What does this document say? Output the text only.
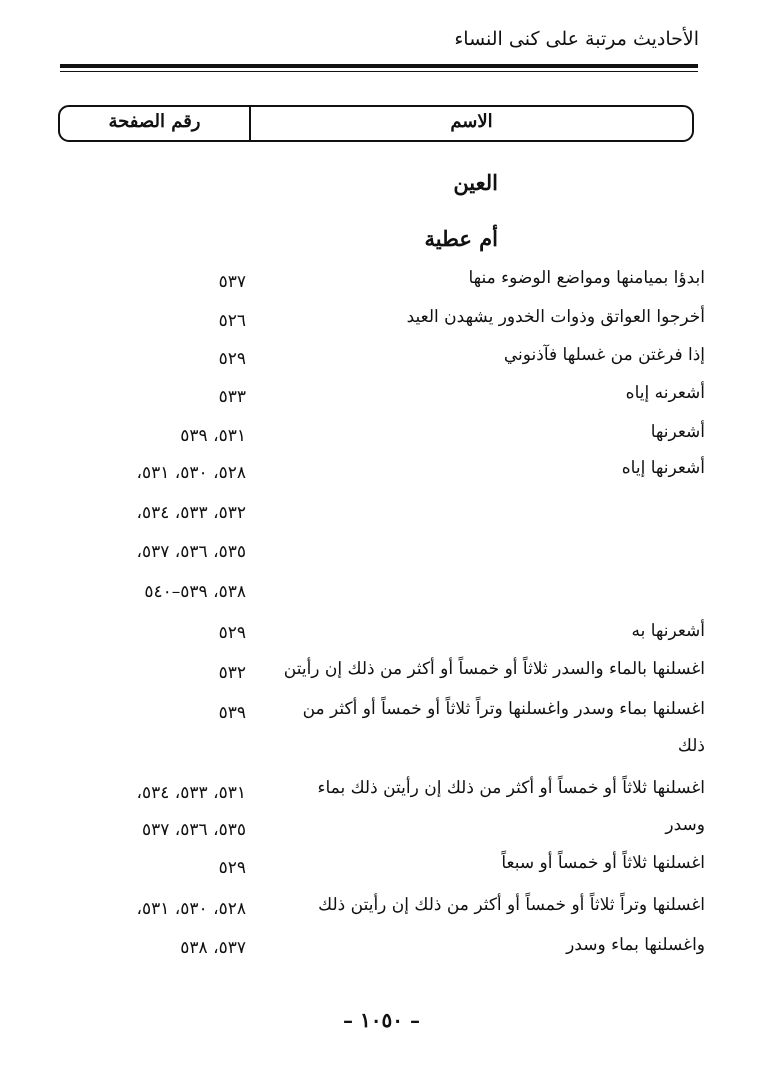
الأحاديث مرتبة على كنى النساء
الاسم
رقم الصفحة
العين
أم عطية
ابدؤا بميامنها ومواضع الوضوء منها
٥٣٧
أخرجوا العواتق وذوات الخدور يشهدن العيد
٥٢٦
إذا فرغتن من غسلها فآذنوني
٥٢٩
أشعرنه إياه
٥٣٣
أشعرنها
٥٣١، ٥٣٩
أشعرنها إياه
٥٢٨، ٥٣٠، ٥٣١،
٥٣٢، ٥٣٣، ٥٣٤،
٥٣٥، ٥٣٦، ٥٣٧،
٥٣٨، ٥٣٩–٥٤٠
أشعرنها به
٥٢٩
اغسلنها بالماء والسدر ثلاثاً أو خمساً أو أكثر من ذلك إن رأيتن
٥٣٢
اغسلنها بماء وسدر واغسلنها وتراً ثلاثاً أو خمساً أو أكثر من
٥٣٩
ذلك
اغسلنها ثلاثاً أو خمساً أو أكثر من ذلك إن رأيتن ذلك بماء
٥٣١، ٥٣٣، ٥٣٤،
وسدر
٥٣٥، ٥٣٦، ٥٣٧
اغسلنها ثلاثاً أو خمساً أو سبعاً
٥٢٩
اغسلنها وتراً ثلاثاً أو خمساً أو أكثر من ذلك إن رأيتن ذلك
٥٢٨، ٥٣٠، ٥٣١،
واغسلنها بماء وسدر
٥٣٧، ٥٣٨
– ١٠٥٠ –
